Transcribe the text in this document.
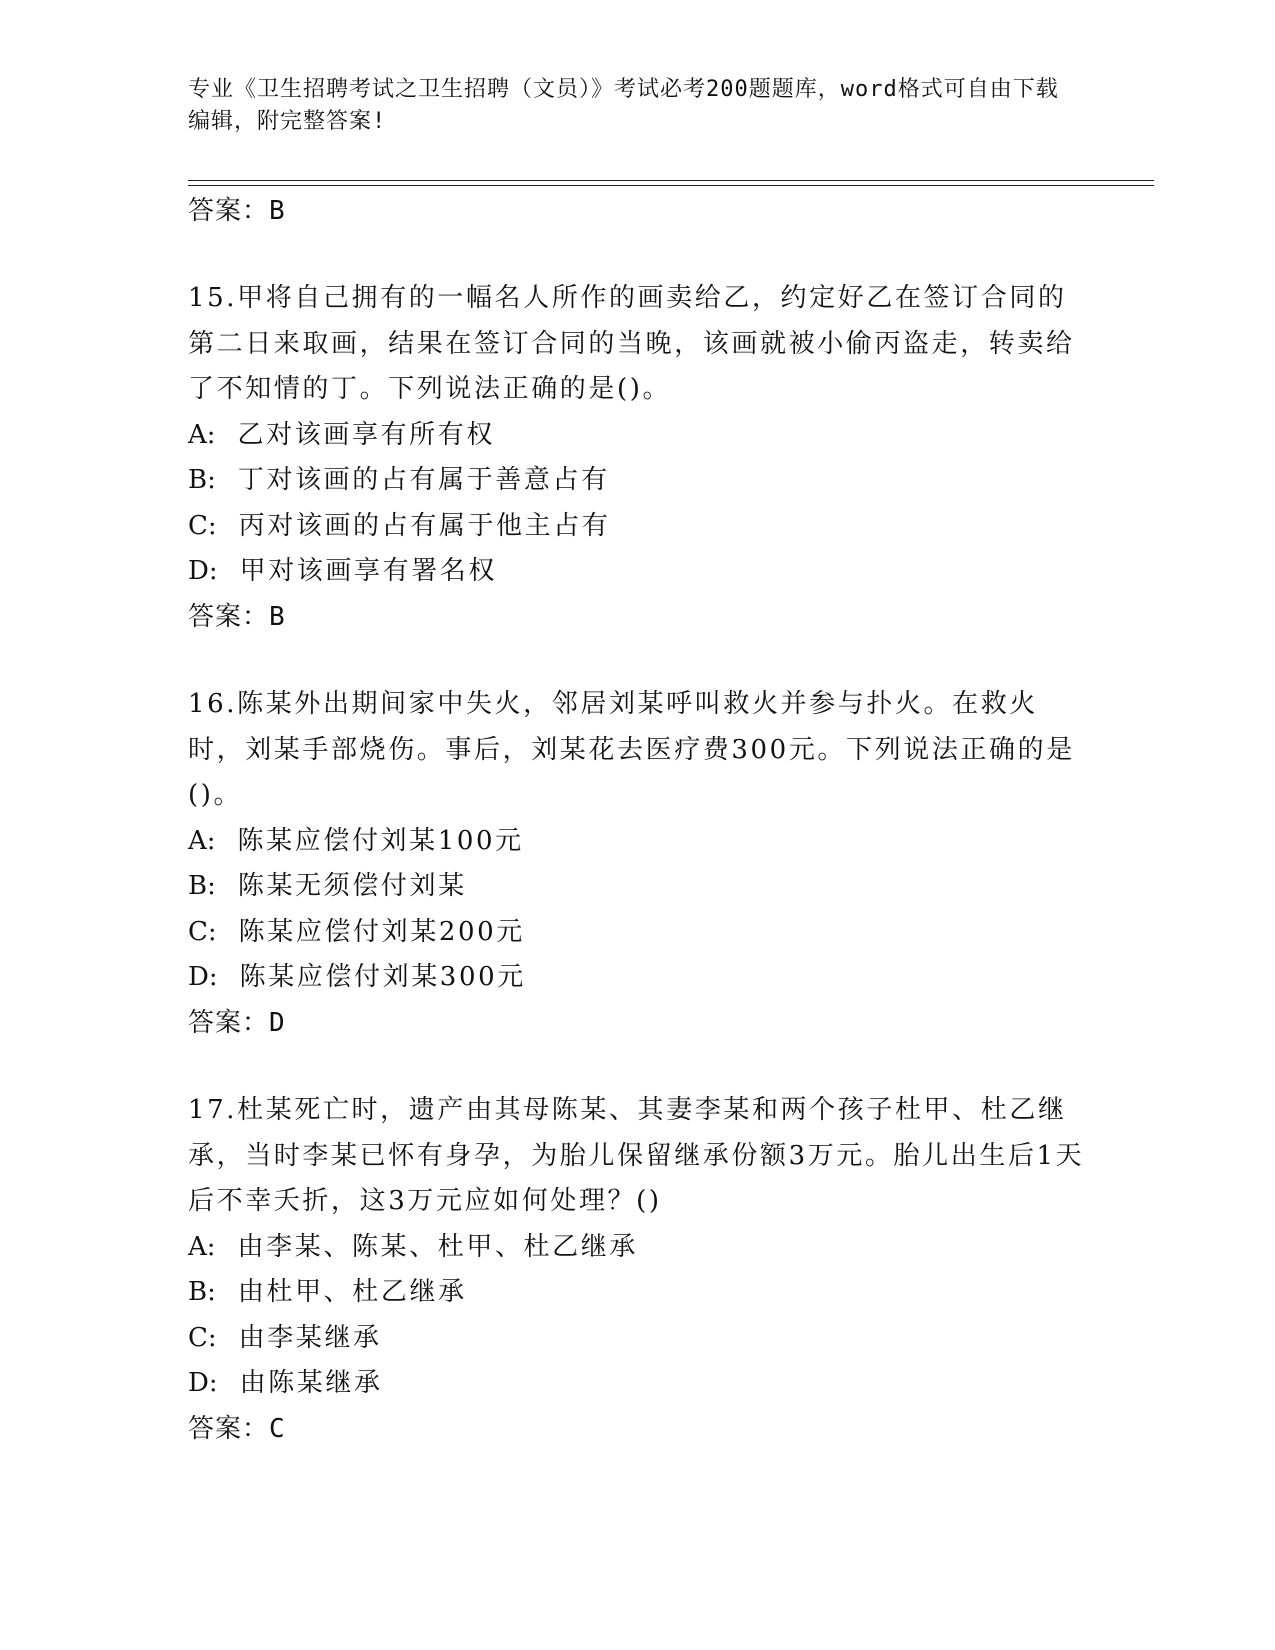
专业《卫生招聘考试之卫生招聘（文员）》考试必考200题题库，word格式可自由下载编辑，附完整答案!
答案：B
15.甲将自己拥有的一幅名人所作的画卖给乙，约定好乙在签订合同的第二日来取画，结果在签订合同的当晚，该画就被小偷丙盗走，转卖给了不知情的丁。下列说法正确的是()。
A: 乙对该画享有所有权
B: 丁对该画的占有属于善意占有
C: 丙对该画的占有属于他主占有
D: 甲对该画享有署名权
答案：B
16.陈某外出期间家中失火，邻居刘某呼叫救火并参与扑火。在救火时，刘某手部烧伤。事后，刘某花去医疗费300元。下列说法正确的是()。
A: 陈某应偿付刘某100元
B: 陈某无须偿付刘某
C: 陈某应偿付刘某200元
D: 陈某应偿付刘某300元
答案：D
17.杜某死亡时，遗产由其母陈某、其妻李某和两个孩子杜甲、杜乙继承，当时李某已怀有身孕，为胎儿保留继承份额3万元。胎儿出生后1天后不幸夭折，这3万元应如何处理？()
A: 由李某、陈某、杜甲、杜乙继承
B: 由杜甲、杜乙继承
C: 由李某继承
D: 由陈某继承
答案：C
